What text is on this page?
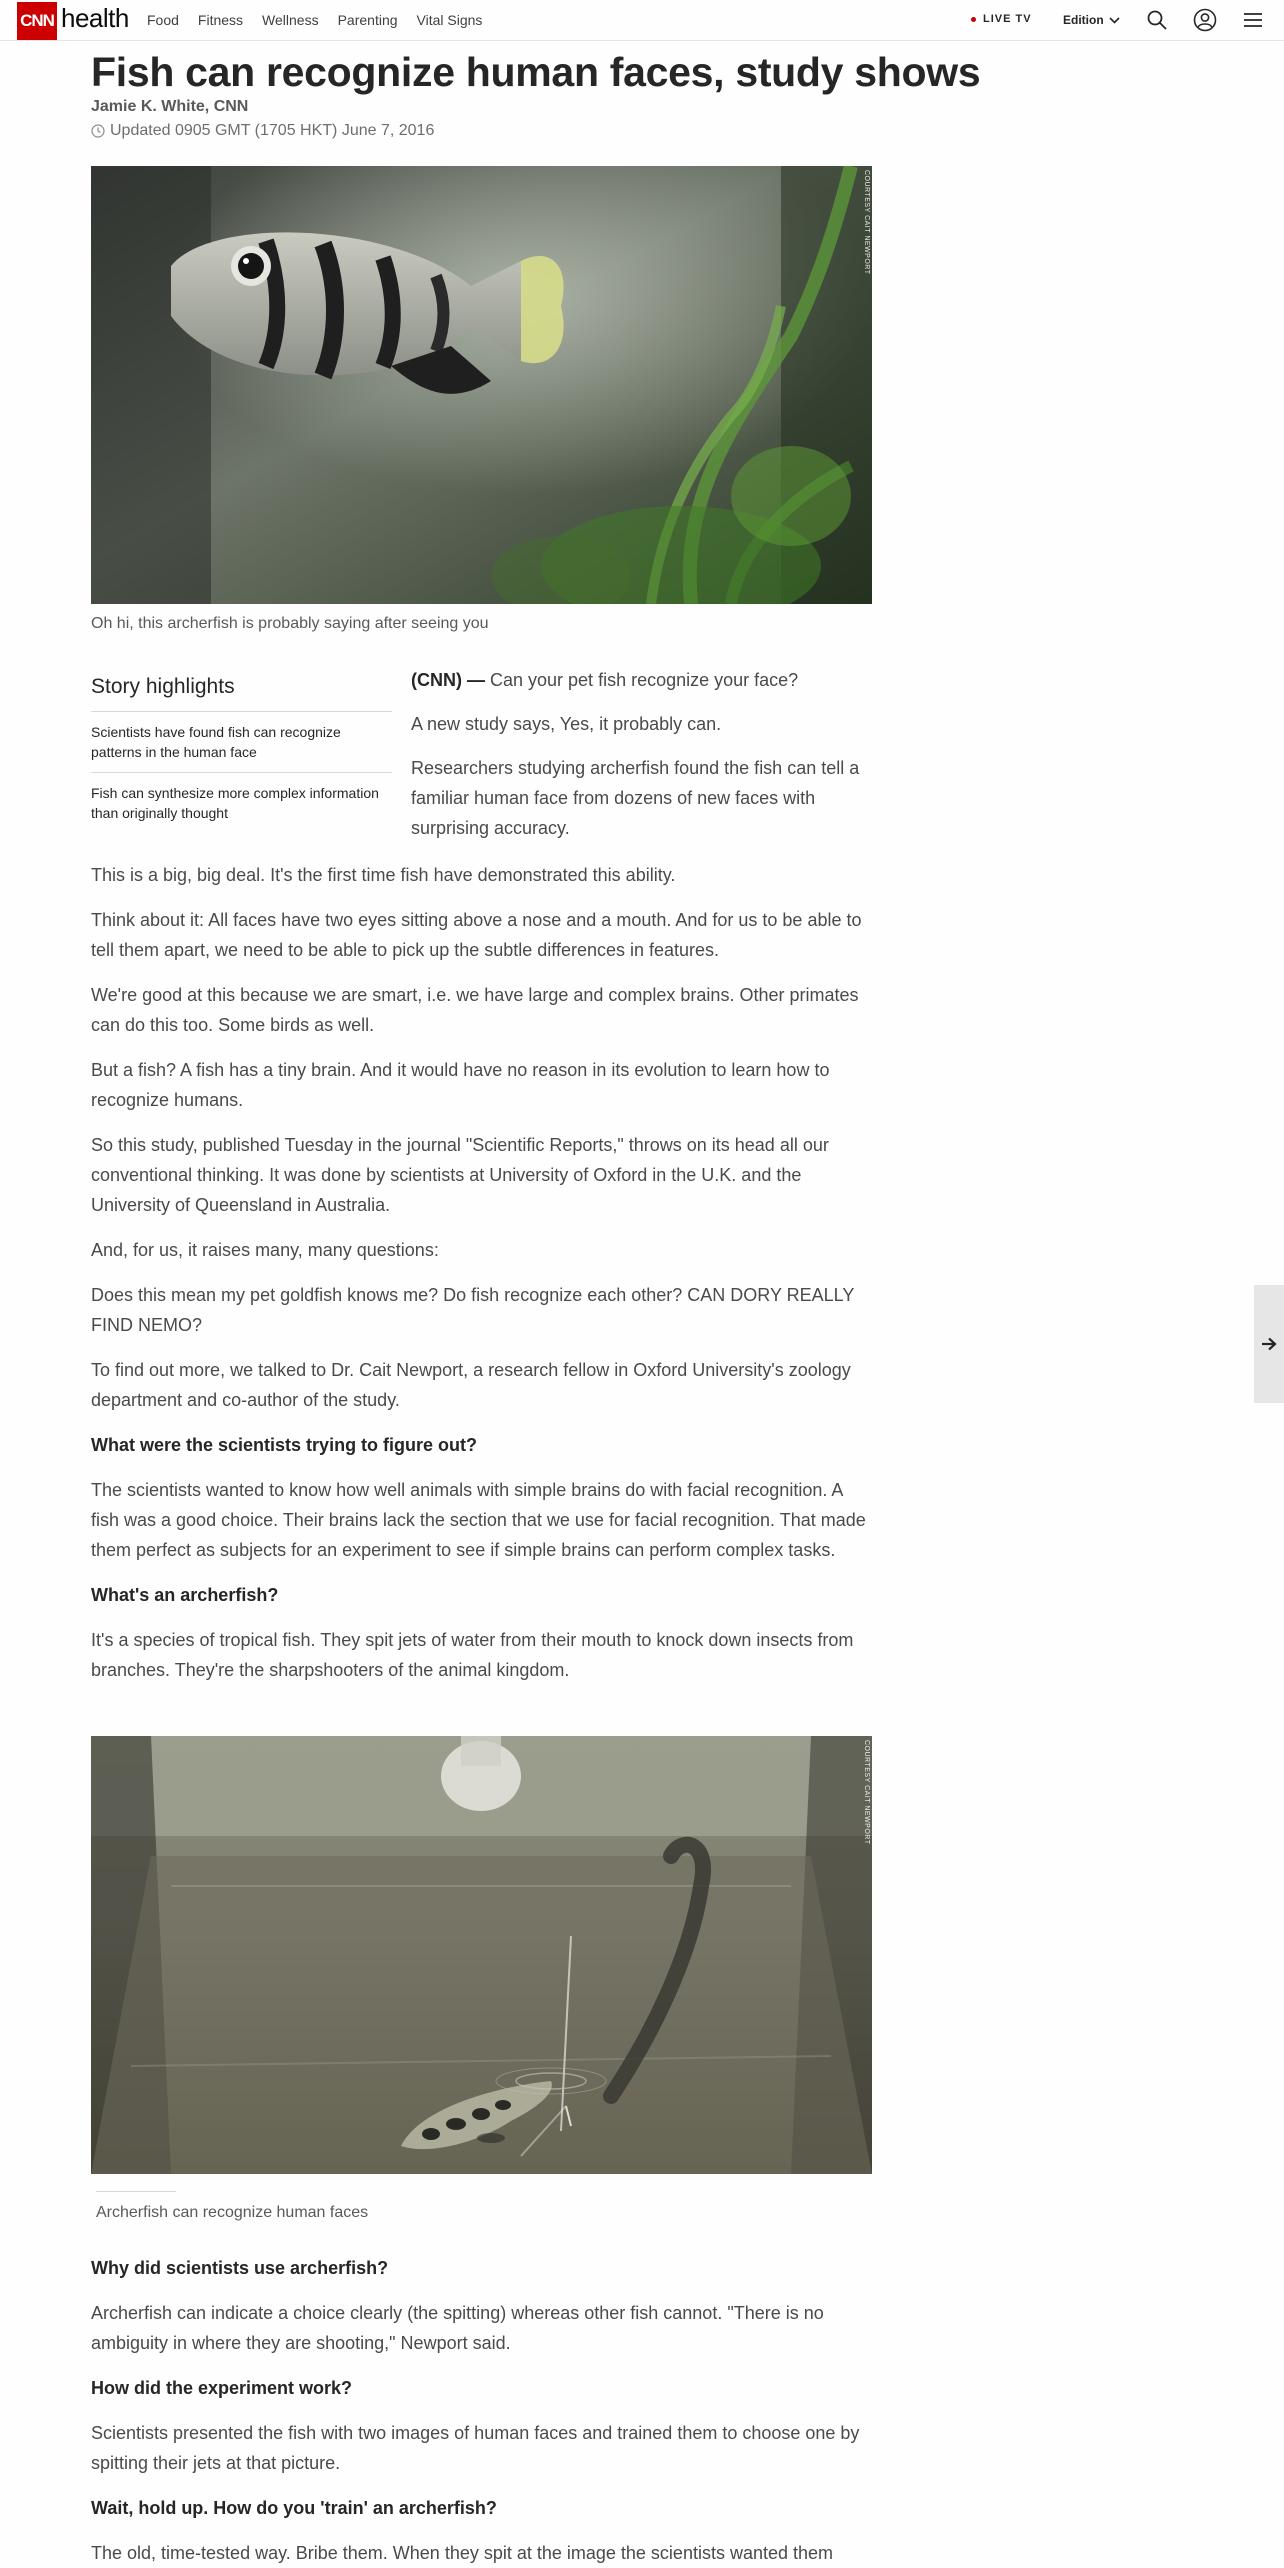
CNN health Food Fitness Wellness Parenting Vital Signs	LIVE TV	Edition
Fish can recognize human faces, study shows
Jamie K. White, CNN
Updated 0905 GMT (1705 HKT) June 7, 2016
COURTESY CAIT NEWPORT
Oh hi, this archerfish is probably saying after seeing you
Story highlights
Scientists have found fish can recognize patterns in the human face
Fish can synthesize more complex information than originally thought

(CNN) — Can your pet fish recognize your face?

A new study says, Yes, it probably can.

Researchers studying archerfish found the fish can tell a familiar human face from dozens of new faces with surprising accuracy.

This is a big, big deal. It's the first time fish have demonstrated this ability.

Think about it: All faces have two eyes sitting above a nose and a mouth. And for us to be able to tell them apart, we need to be able to pick up the subtle differences in features.

We're good at this because we are smart, i.e. we have large and complex brains. Other primates can do this too. Some birds as well.

But a fish? A fish has a tiny brain. And it would have no reason in its evolution to learn how to recognize humans.

So this study, published Tuesday in the journal "Scientific Reports," throws on its head all our conventional thinking. It was done by scientists at University of Oxford in the U.K. and the University of Queensland in Australia.

And, for us, it raises many, many questions:

Does this mean my pet goldfish knows me? Do fish recognize each other? CAN DORY REALLY FIND NEMO?

To find out more, we talked to Dr. Cait Newport, a research fellow in Oxford University's zoology department and co-author of the study.

What were the scientists trying to figure out?

The scientists wanted to know how well animals with simple brains do with facial recognition. A fish was a good choice. Their brains lack the section that we use for facial recognition. That made them perfect as subjects for an experiment to see if simple brains can perform complex tasks.

What's an archerfish?

It's a species of tropical fish. They spit jets of water from their mouth to knock down insects from branches. They're the sharpshooters of the animal kingdom.

COURTESY CAIT NEWPORT
Archerfish can recognize human faces
Why did scientists use archerfish?

Archerfish can indicate a choice clearly (the spitting) whereas other fish cannot. "There is no ambiguity in where they are shooting," Newport said.

How did the experiment work?

Scientists presented the fish with two images of human faces and trained them to choose one by spitting their jets at that picture.

Wait, hold up. How do you 'train' an archerfish?

The old, time-tested way. Bribe them. When they spit at the image the scientists wanted them
